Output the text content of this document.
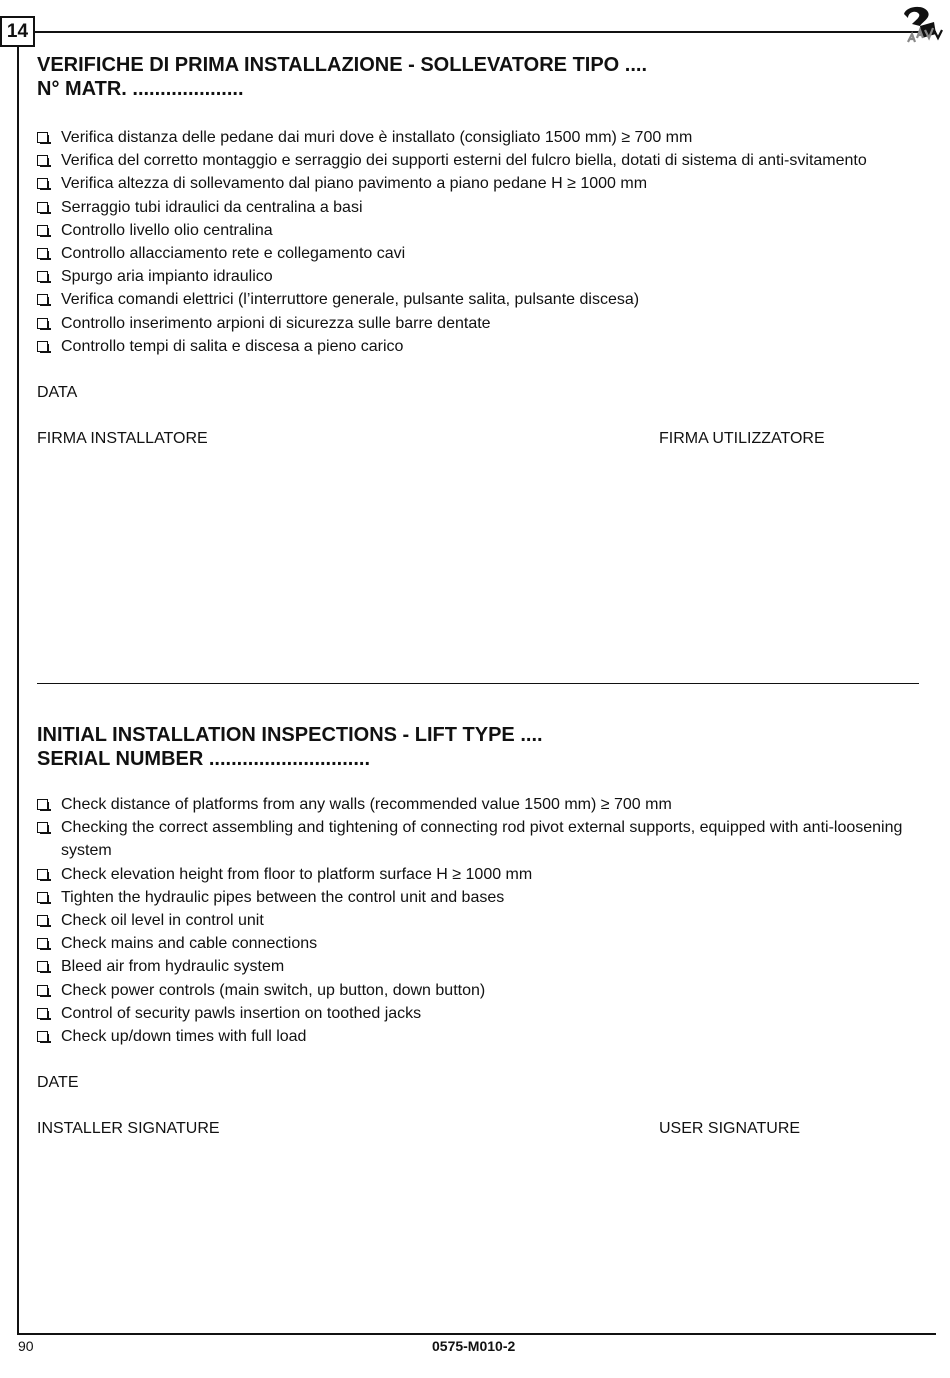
14

VERIFICHE DI PRIMA INSTALLAZIONE - SOLLEVATORE TIPO ....

N° MATR. ....................

Verifica distanza delle pedane dai muri dove è installato (consigliato 1500 mm) ≥ 700 mm
Verifica del corretto montaggio e serraggio dei supporti esterni del fulcro biella, dotati di sistema di anti-svitamento
Verifica altezza di sollevamento dal piano pavimento a piano pedane H ≥ 1000 mm
Serraggio tubi idraulici da centralina a basi
Controllo livello olio centralina
Controllo allacciamento rete e collegamento cavi
Spurgo aria impianto idraulico
Verifica comandi elettrici (l’interruttore generale, pulsante salita, pulsante discesa)
Controllo inserimento arpioni di sicurezza sulle barre dentate
Controllo tempi di salita e discesa a pieno carico
DATA
FIRMA INSTALLATORE	FIRMA UTILIZZATORE

INITIAL INSTALLATION INSPECTIONS - LIFT TYPE ....

SERIAL NUMBER .............................

Check distance of platforms from any walls (recommended value 1500 mm) ≥ 700 mm
Checking the correct assembling and tightening of connecting rod pivot external supports, equipped with anti-loosening system
Check elevation height from floor to platform surface H ≥ 1000 mm
Tighten the hydraulic pipes between the control unit and bases
Check oil level in control unit
Check mains and cable connections
Bleed air from hydraulic system
Check power controls (main switch, up button, down button)
Control of security pawls insertion on toothed jacks
Check up/down times with full load
DATE
INSTALLER SIGNATURE	USER SIGNATURE
90	0575-M010-2
